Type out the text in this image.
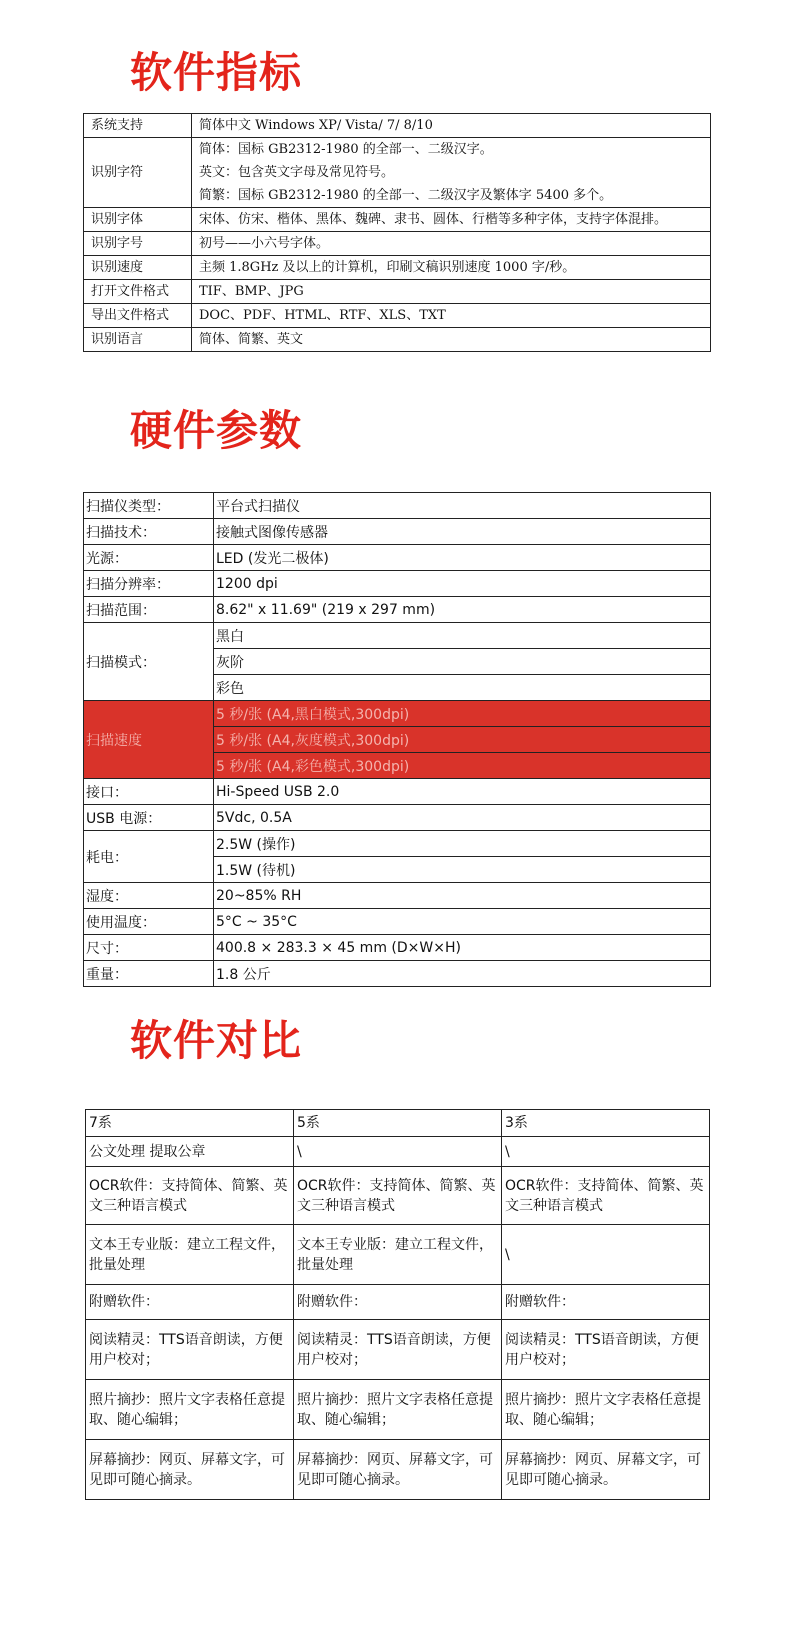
软件指标
系统支持	简体中文 Windows XP/ Vista/ 7/ 8/10

识别字符	简体：国标 GB2312-1980 的全部一、二级汉字。
英文：包含英文字母及常见符号。
简繁：国标 GB2312-1980 的全部一、二级汉字及繁体字 5400 多个。

识别字体	宋体、仿宋、楷体、黑体、魏碑、隶书、圆体、行楷等多种字体，支持字体混排。

识别字号	初号——小六号字体。

识别速度	主频 1.8GHz 及以上的计算机，印刷文稿识别速度 1000 字/秒。

打开文件格式	TIF、BMP、JPG

导出文件格式	DOC、PDF、HTML、RTF、XLS、TXT

识别语言	简体、简繁、英文
硬件参数
扫描仪类型：	平台式扫描仪
扫描技术：	接触式图像传感器
光源：	LED (发光二极体)
扫描分辨率：	1200 dpi
扫描范围：	8.62" x 11.69" (219 x 297 mm)
扫描模式：	黑白
	灰阶
	彩色
扫描速度	5 秒/张 (A4,黑白模式,300dpi)
	5 秒/张 (A4,灰度模式,300dpi)
	5 秒/张 (A4,彩色模式,300dpi)
接口：	Hi-Speed USB 2.0
USB 电源：	5Vdc, 0.5A
耗电：	2.5W (操作)
	1.5W (待机)
湿度：	20~85% RH
使用温度：	5°C ~ 35°C
尺寸：	400.8 × 283.3 × 45 mm (D×W×H)
重量：	1.8 公斤
软件对比
7系	5系	3系
公文处理 提取公章	\	\
OCR软件：支持简体、简繁、英文三种语言模式	OCR软件：支持简体、简繁、英文三种语言模式	OCR软件：支持简体、简繁、英文三种语言模式
文本王专业版：建立工程文件，批量处理	文本王专业版：建立工程文件，批量处理	\
附赠软件：	附赠软件：	附赠软件：
阅读精灵：TTS语音朗读，方便用户校对；	阅读精灵：TTS语音朗读，方便用户校对；	阅读精灵：TTS语音朗读，方便用户校对；
照片摘抄：照片文字表格任意提取、随心编辑；	照片摘抄：照片文字表格任意提取、随心编辑；	照片摘抄：照片文字表格任意提取、随心编辑；
屏幕摘抄：网页、屏幕文字，可见即可随心摘录。	屏幕摘抄：网页、屏幕文字，可见即可随心摘录。	屏幕摘抄：网页、屏幕文字，可见即可随心摘录。
